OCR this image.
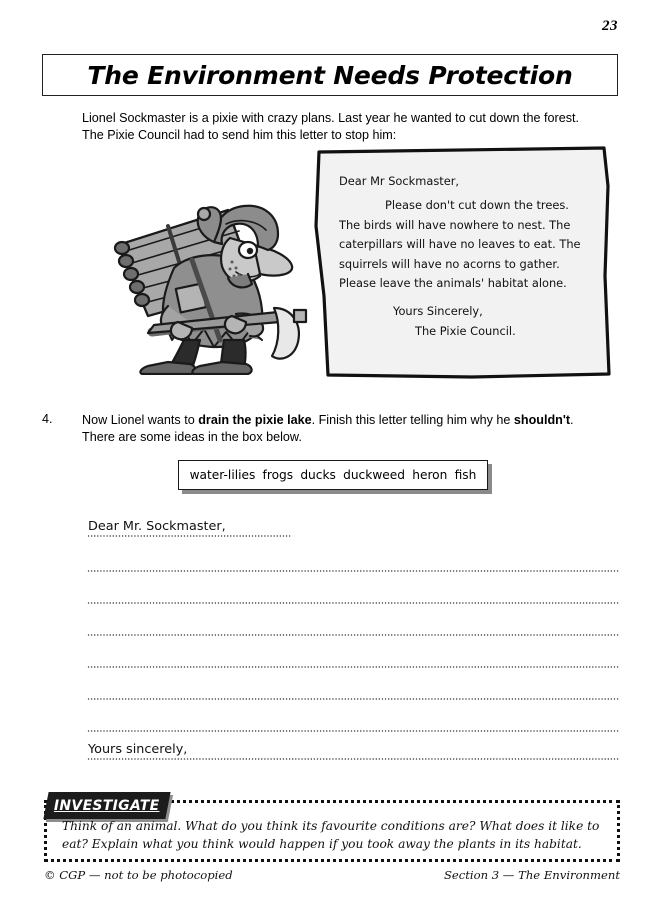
23
The Environment Needs Protection
Lionel Sockmaster is a pixie with crazy plans. Last year he wanted to cut down the forest.
The Pixie Council had to send him this letter to stop him:
Dear Mr Sockmaster,
Please don't cut down the trees. The birds will have nowhere to nest. The caterpillars will have no leaves to eat. The squirrels will have no acorns to gather. Please leave the animals' habitat alone.
Yours Sincerely,
The Pixie Council.
4. Now Lionel wants to drain the pixie lake. Finish this letter telling him why he shouldn't.
There are some ideas in the box below.
water-lilies frogs ducks duckweed heron fish
Dear Mr. Sockmaster,
Yours sincerely,
INVESTIGATE
Think of an animal. What do you think its favourite conditions are? What does it like to
eat? Explain what you think would happen if you took away the plants in its habitat.
© CGP — not to be photocopied	Section 3 — The Environment
